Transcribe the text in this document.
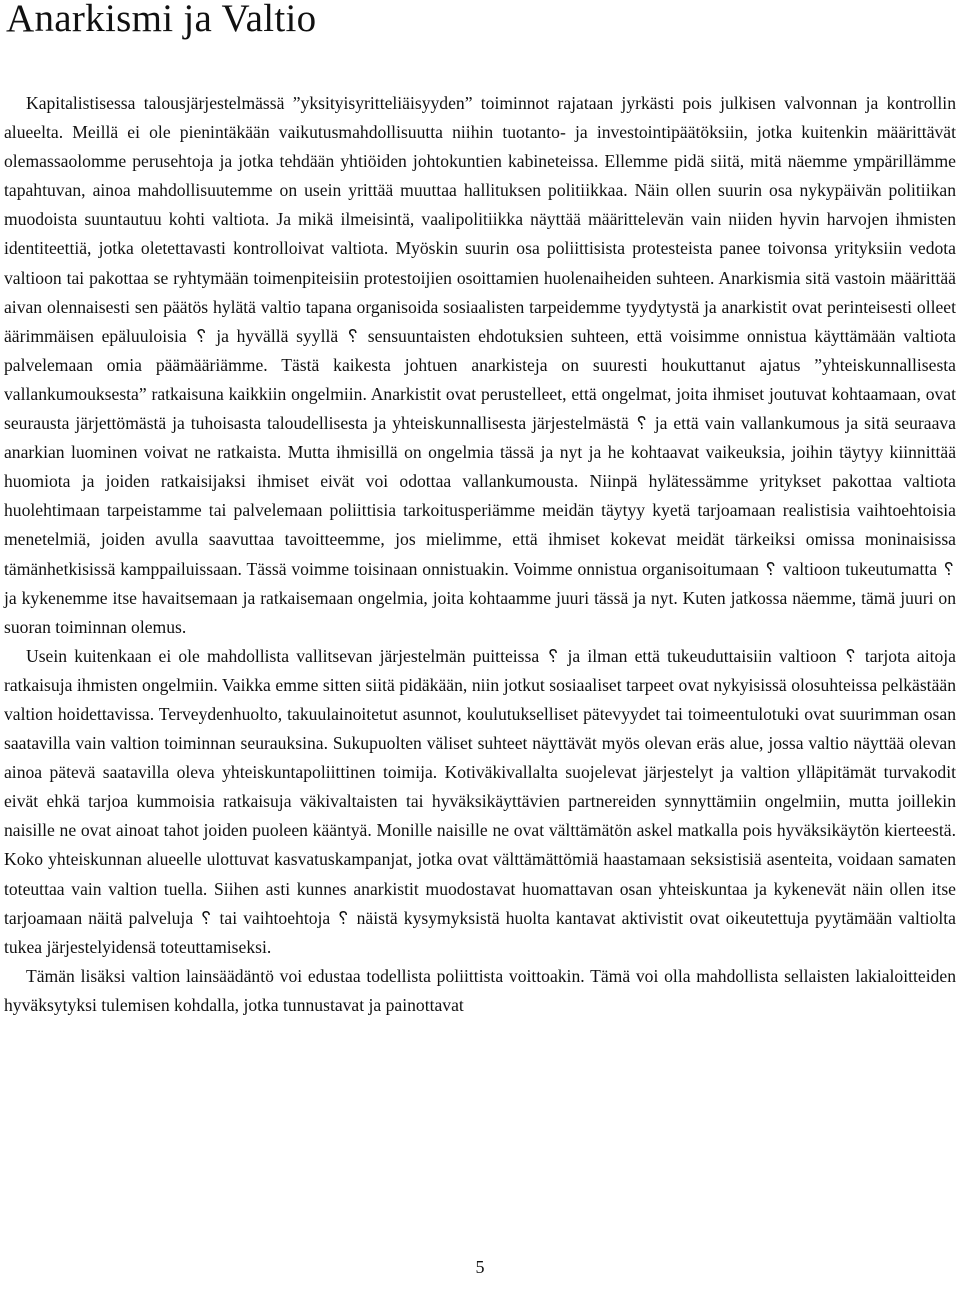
Anarkismi ja Valtio

Kapitalistisessa talousjärjestelmässä ”yksityisyritteliäisyyden” toiminnot rajataan jyrkästi pois julkisen valvonnan ja kontrollin alueelta. Meillä ei ole pienintäkään vaikutusmahdollisuutta niihin tuotanto- ja investointipäätöksiin, jotka kuitenkin määrittävät olemassaolomme perusehtoja ja jotka tehdään yhtiöiden johtokuntien kabineteissa. Ellemme pidä siitä, mitä näemme ympärillämme tapahtuvan, ainoa mahdollisuutemme on usein yrittää muuttaa hallituksen politiikkaa. Näin ollen suurin osa nykypäivän politiikan muodoista suuntautuu kohti valtiota. Ja mikä ilmeisintä, vaalipolitiikka näyttää määrittelevän vain niiden hyvin harvojen ihmisten identiteettiä, jotka oletettavasti kontrolloivat valtiota. Myöskin suurin osa poliittisista protesteista panee toivonsa yrityksiin vedota valtioon tai pakottaa se ryhtymään toimenpiteisiin protestoijien osoittamien huolenaiheiden suhteen. Anarkismia sitä vastoin määrittää aivan olennaisesti sen päätös hylätä valtio tapana organisoida sosiaalisten tarpeidemme tyydytystä ja anarkistit ovat perinteisesti olleet äärimmäisen epäluuloisia ␦ ja hyvällä syyllä ␦ sensuuntaisten ehdotuksien suhteen, että voisimme onnistua käyttämään valtiota palvelemaan omia päämääriämme. Tästä kaikesta johtuen anarkisteja on suuresti houkuttanut ajatus ”yhteiskunnallisesta vallankumouksesta” ratkaisuna kaikkiin ongelmiin. Anarkistit ovat perustelleet, että ongelmat, joita ihmiset joutuvat kohtaamaan, ovat seurausta järjettömästä ja tuhoisasta taloudellisesta ja yhteiskunnallisesta järjestelmästä ␦ ja että vain vallankumous ja sitä seuraava anarkian luominen voivat ne ratkaista. Mutta ihmisillä on ongelmia tässä ja nyt ja he kohtaavat vaikeuksia, joihin täytyy kiinnittää huomiota ja joiden ratkaisijaksi ihmiset eivät voi odottaa vallankumousta. Niinpä hylätessämme yritykset pakottaa valtiota huolehtimaan tarpeistamme tai palvelemaan poliittisia tarkoitusperiämme meidän täytyy kyetä tarjoamaan realistisia vaihtoehtoisia menetelmiä, joiden avulla saavuttaa tavoitteemme, jos mielimme, että ihmiset kokevat meidät tärkeiksi omissa moninaisissa tämänhetkisissä kamppailuissaan. Tässä voimme toisinaan onnistuakin. Voimme onnistua organisoitumaan ␦ valtioon tukeutumatta ␦ ja kykenemme itse havaitsemaan ja ratkaisemaan ongelmia, joita kohtaamme juuri tässä ja nyt. Kuten jatkossa näemme, tämä juuri on suoran toiminnan olemus.

Usein kuitenkaan ei ole mahdollista vallitsevan järjestelmän puitteissa ␦ ja ilman että tukeuduttaisiin valtioon ␦ tarjota aitoja ratkaisuja ihmisten ongelmiin. Vaikka emme sitten siitä pidäkään, niin jotkut sosiaaliset tarpeet ovat nykyisissä olosuhteissa pelkästään valtion hoidettavissa. Terveydenhuolto, takuulainoitetut asunnot, koulutukselliset pätevyydet tai toimeentulotuki ovat suurimman osan saatavilla vain valtion toiminnan seurauksina. Sukupuolten väliset suhteet näyttävät myös olevan eräs alue, jossa valtio näyttää olevan ainoa pätevä saatavilla oleva yhteiskuntapoliittinen toimija. Kotiväkivallalta suojelevat järjestelyt ja valtion ylläpitämät turvakodit eivät ehkä tarjoa kummoisia ratkaisuja väkivaltaisten tai hyväksikäyttävien partnereiden synnyttämiin ongelmiin, mutta joillekin naisille ne ovat ainoat tahot joiden puoleen kääntyä. Monille naisille ne ovat välttämätön askel matkalla pois hyväksikäytön kierteestä. Koko yhteiskunnan alueelle ulottuvat kasvatuskampanjat, jotka ovat välttämättömiä haastamaan seksistisiä asenteita, voidaan samaten toteuttaa vain valtion tuella. Siihen asti kunnes anarkistit muodostavat huomattavan osan yhteiskuntaa ja kykenevät näin ollen itse tarjoamaan näitä palveluja ␦ tai vaihtoehtoja ␦ näistä kysymyksistä huolta kantavat aktivistit ovat oikeutettuja pyytämään valtiolta tukea järjestelyidensä toteuttamiseksi.

Tämän lisäksi valtion lainsäädäntö voi edustaa todellista poliittista voittoakin. Tämä voi olla mahdollista sellaisten lakialoitteiden hyväksytyksi tulemisen kohdalla, jotka tunnustavat ja painottavat

5
